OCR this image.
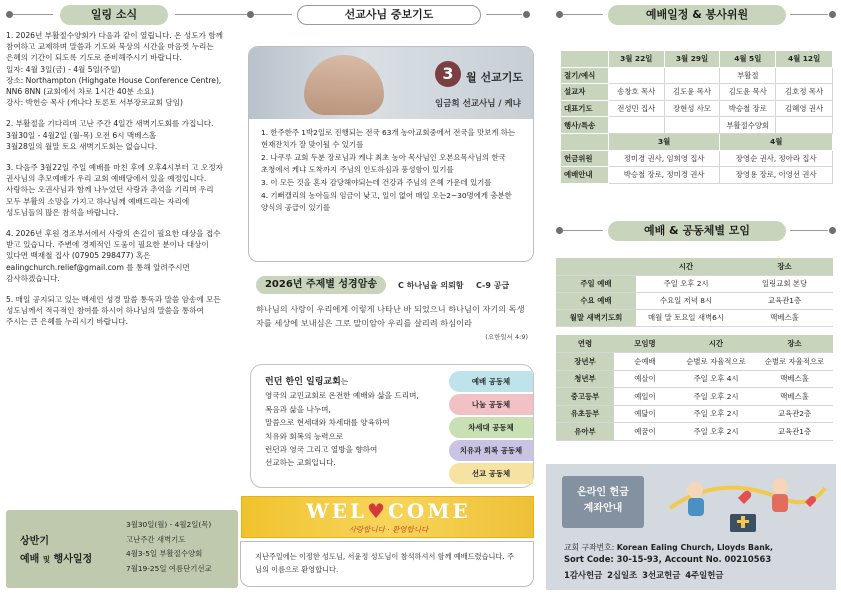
일링 소식

1. 2026년 부활절수양회가 다음과 같이 열립니다. 온 성도가 함께
참여하고 교제하며 말씀과 기도와 묵상의 시간을 마음껏 누리는
은혜의 기간이 되도록 기도로 준비해주시기 바랍니다.
일자: 4월 3일(금) - 4월 5일(주일)
장소: Northampton (Highgate House Conference Centre),
NN6 8NN (교회에서 차로 1시간 40분 소요)
강사: 박헌승 목사 (캐나다 토론토 서부장로교회 담임)

2. 부활절을 기다리며 고난 주간 4일간 새벽기도회를 가집니다.
3월30일 - 4월2일 (월-목) 오전 6시 맥베스홀
3월28일의 월말 토요 새벽기도회는 없습니다.

3. 다음주 3월22일 주일 예배를 마친 후에 오후4시부터 고 오정자
권사님의 추모예배가 우리 교회 예배당에서 있을 예정입니다.
사랑하는 오권사님과 함께 나누었던 사랑과 추억을 기리며 우리
모두 부활의 소망을 가지고 하나님께 예배드리는 자리에
성도님들의 많은 참석을 바랍니다.

4. 2026년 후원 경조부서에서 사랑의 손길이 필요한 대상을 접수
받고 있습니다. 주변에 경제적인 도움이 필요한 분이나 대상이
있다면 백재철 집사 (07905 298477) 혹은
ealingchurch.relief@gmail.com 를 통해 알려주시면
감사하겠습니다.

5. 매일 공지되고 있는 백세인 성경 말씀 통독과 말씀 암송에 모든
성도님께서 적극적인 참여를 하시어 하나님의 말씀을 통하여
주시는 큰 은혜를 누리시기 바랍니다.

상반기
예배 및 행사일정
3월30일(월) - 4월2일(목)
고난주간 새벽기도
4월3-5일 부활절수양회
7월19-25일 여름단기선교
선교사님 중보기도
3	월 선교기도
임금희 선교사님 / 케냐
1. 한주한주 1박2일로 진행되는 전국 63개 농아교회중에서 전국을 맛보게 하는
현재잔치가 잘 맞이될 수 있기를
2. 나쿠루 교회 두분 장로님과 케냐 최초 농아 목사님인 오본요목사님의 한국
초청에서 케냐 도착까지 주님의 인도하심과 풍성함이 있기를
3. 이 모든 것을 혼자 감당해야되는데 건강과 주님의 은혜 가운데 있기를
4. 기뻐캘리의 농아들의 임금이 낮고, 일이 없어 매일 오는2~30명에게 충분한
양식의 공급이 있기를
2026년 주제별 성경암송	C 하나님을 의뢰함 C-9 공급
하나님의 사랑이 우리에게 이렇게 나타난 바 되었으니 하나님이 자기의 독생자를 세상에 보내심은 그로 말미암아 우리를 살리려 하심이라
(요한일서 4:9)
런던 한인 일링교회는
영국의 교민교회로 온전한 예배와 삶을 드리며,
복음과 삶을 나누며,
말씀으로 현세대와 차세대를 양육하여
치유와 회복의 능력으로
런던과 영국 그리고 열방을 향하여
선교하는 교회입니다.
예배 공동체
나눔 공동체
차세대 공동체
치유과 회복 공동체
선교 공동체
WEL♥COME
사랑합니다 · 환영합니다
지난주일에는 이정한 성도님, 서윤정 성도님이 참석하셔서 함께 예배드렸습니다. 주님의 이름으로 환영합니다.
예배일정 & 봉사위원
	3월 22일	3월 29일	4월 5일	4월 12일
절기/예식			부활절	
설교자	송창호 목사	김도윤 목사	김도윤 목사	김호정 목사
대표기도	전성민 집사	장현성 사모	박승철 장로	김혜영 권사
행사/특송			부활절수양회	
	3월		4월	
헌금위원	정미경 권사, 임희영 집사		장영순 권사, 정아라 집사	
예배안내	박승철 장로, 정미경 권사		장영용 장로, 이영선 권사	
예배 & 공동체별 모임
	시간	장소
주일 예배	주일 오후 2시	일링교회 본당
수요 예배	수요일 저녁 8시	교육관1층
월말 새벽기도회	매월 말 토요일 새벽6시	맥베스홀
연령	모임명	시간	장소
장년부	순예배	순별로 자율적으로	순별로 자율적으로
청년부	예살이	주일 오후 4시	맥베스홀
중고등부	예일이	주일 오후 2시	맥베스홀
유초등부	예닮이	주일 오후 2시	교육관2층
유아부	예꿈이	주일 오후 2시	교육관1층
온라인 헌금
계좌안내
교회 구좌번호: Korean Ealing Church, Lloyds Bank,
Sort Code: 30-15-93, Account No. 00210563
1감사헌금 2십일조 3선교헌금 4주일헌금
